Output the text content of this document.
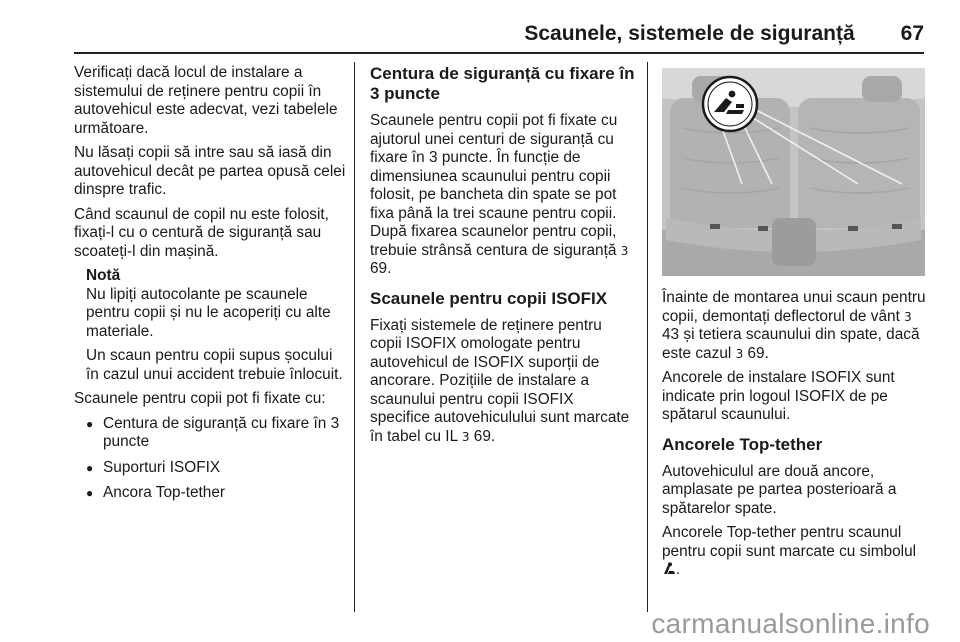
Scaunele, sistemele de siguranță 67

Verificați dacă locul de instalare a sistemului de reținere pentru copii în autovehicul este adecvat, vezi tabelele următoare.

Nu lăsați copii să intre sau să iasă din autovehicul decât pe partea opusă celei dinspre trafic.

Când scaunul de copil nu este folosit, fixați-l cu o centură de siguranță sau scoateți-l din mașină.

Notă

Nu lipiți autocolante pe scaunele pentru copii și nu le acoperiți cu alte materiale.

Un scaun pentru copii supus șocului în cazul unui accident trebuie înlocuit.

Scaunele pentru copii pot fi fixate cu:

● Centura de siguranță cu fixare în 3 puncte
● Suporturi ISOFIX
● Ancora Top-tether
Centura de siguranță cu fixare în 3 puncte

Scaunele pentru copii pot fi fixate cu ajutorul unei centuri de siguranță cu fixare în 3 puncte. În funcție de dimensiunea scaunului pentru copii folosit, pe bancheta din spate se pot fixa până la trei scaune pentru copii. După fixarea scaunelor pentru copii, trebuie strânsă centura de siguranță 3 69.

Scaunele pentru copii ISOFIX

Fixați sistemele de reținere pentru copii ISOFIX omologate pentru autovehicul de ISOFIX suporții de ancorare. Pozițiile de instalare a scaunului pentru copii ISOFIX specifice autovehiculului sunt marcate în tabel cu IL 3 69.

Înainte de montarea unui scaun pentru copii, demontați deflectorul de vânt 3 43 și tetiera scaunului din spate, dacă este cazul 3 69.

Ancorele de instalare ISOFIX sunt indicate prin logoul ISOFIX de pe spătarul scaunului.

Ancorele Top-tether

Autovehiculul are două ancore, amplasate pe partea posterioară a spătarelor spate.

Ancorele Top-tether pentru scaunul pentru copii sunt marcate cu simbolul .

carmanualsonline.info
